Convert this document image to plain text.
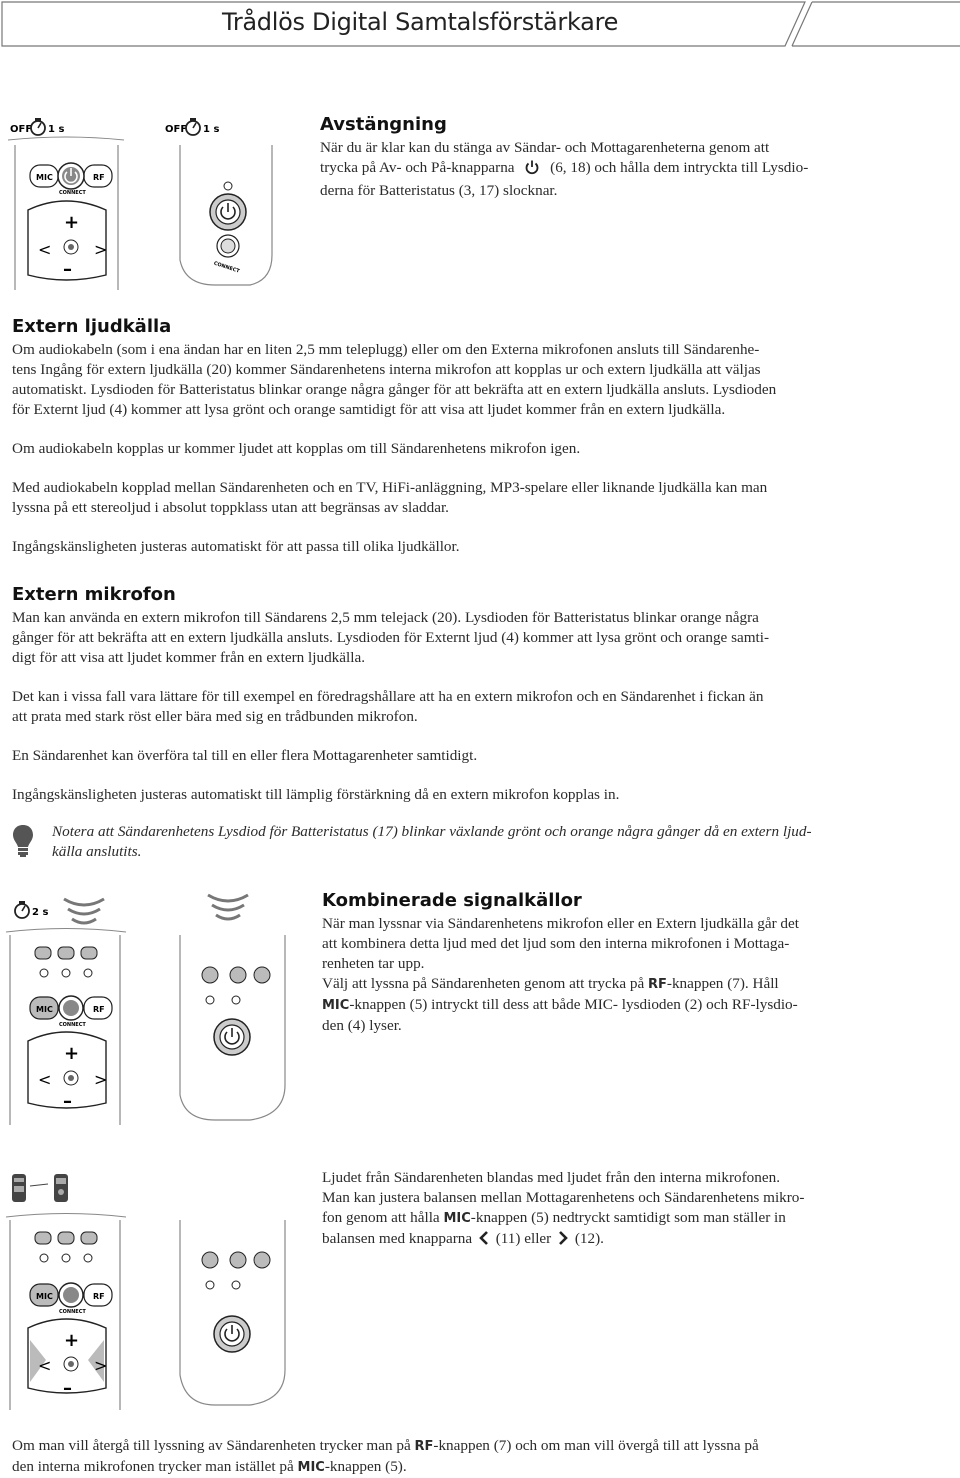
Trådlös Digital Samtalsförstärkare
OFF 1 s	OFF 1 s
MIC	RF
CONNECT
+
–
<	>
CONNECT
Avstängning

När du är klar kan du stänga av Sändar- och Mottagarenheterna genom att

trycka på Av- och På-knapparna (6, 18) och hålla dem intryckta till Lysdio-

derna för Batteristatus (3, 17) slocknar.

Extern ljudkälla

Om audiokabeln (som i ena ändan har en liten 2,5 mm teleplugg) eller om den Externa mikrofonen ansluts till Sändarenhe-

tens Ingång för extern ljudkälla (20) kommer Sändarenhetens interna mikrofon att kopplas ur och extern ljudkälla att väljas

automatiskt. Lysdioden för Batteristatus blinkar orange några gånger för att bekräfta att en extern ljudkälla ansluts. Lysdioden

för Externt ljud (4) kommer att lysa grönt och orange samtidigt för att visa att ljudet kommer från en extern ljudkälla.

Om audiokabeln kopplas ur kommer ljudet att kopplas om till Sändarenhetens mikrofon igen.

Med audiokabeln kopplad mellan Sändarenheten och en TV, HiFi-anläggning, MP3-spelare eller liknande ljudkälla kan man

lyssna på ett stereoljud i absolut toppklass utan att begränsas av sladdar.

Ingångskänsligheten justeras automatiskt för att passa till olika ljudkällor.

Extern mikrofon

Man kan använda en extern mikrofon till Sändarens 2,5 mm telejack (20). Lysdioden för Batteristatus blinkar orange några

gånger för att bekräfta att en extern ljudkälla ansluts. Lysdioden för Externt ljud (4) kommer att lysa grönt och orange samti-

digt för att visa att ljudet kommer från en extern ljudkälla.

Det kan i vissa fall vara lättare för till exempel en föredragshållare att ha en extern mikrofon och en Sändarenhet i fickan än

att prata med stark röst eller bära med sig en trådbunden mikrofon.

En Sändarenhet kan överföra tal till en eller flera Mottagarenheter samtidigt.

Ingångskänsligheten justeras automatiskt till lämplig förstärkning då en extern mikrofon kopplas in.

Notera att Sändarenhetens Lysdiod för Batteristatus (17) blinkar växlande grönt och orange några gånger då en extern ljud-

källa anslutits.

2 s
MIC	RF
CONNECT
+
–
<	>
Kombinerade signalkällor

När man lyssnar via Sändarenhetens mikrofon eller en Extern ljudkälla går det

att kombinera detta ljud med det ljud som den interna mikrofonen i Mottaga-

renheten tar upp.

Välj att lyssna på Sändarenheten genom att trycka på RF-knappen (7). Håll

MIC-knappen (5) intryckt till dess att både MIC- lysdioden (2) och RF-lysdio-

den (4) lyser.

MIC	RF
CONNECT
+
–
<	>

Ljudet från Sändarenheten blandas med ljudet från den interna mikrofonen.

Man kan justera balansen mellan Mottagarenhetens och Sändarenhetens mikro-

fon genom att hålla MIC-knappen (5) nedtryckt samtidigt som man ställer in

balansen med knapparna (11) eller (12).

Om man vill återgå till lyssning av Sändarenheten trycker man på RF-knappen (7) och om man vill övergå till att lyssna på

den interna mikrofonen trycker man istället på MIC-knappen (5).
